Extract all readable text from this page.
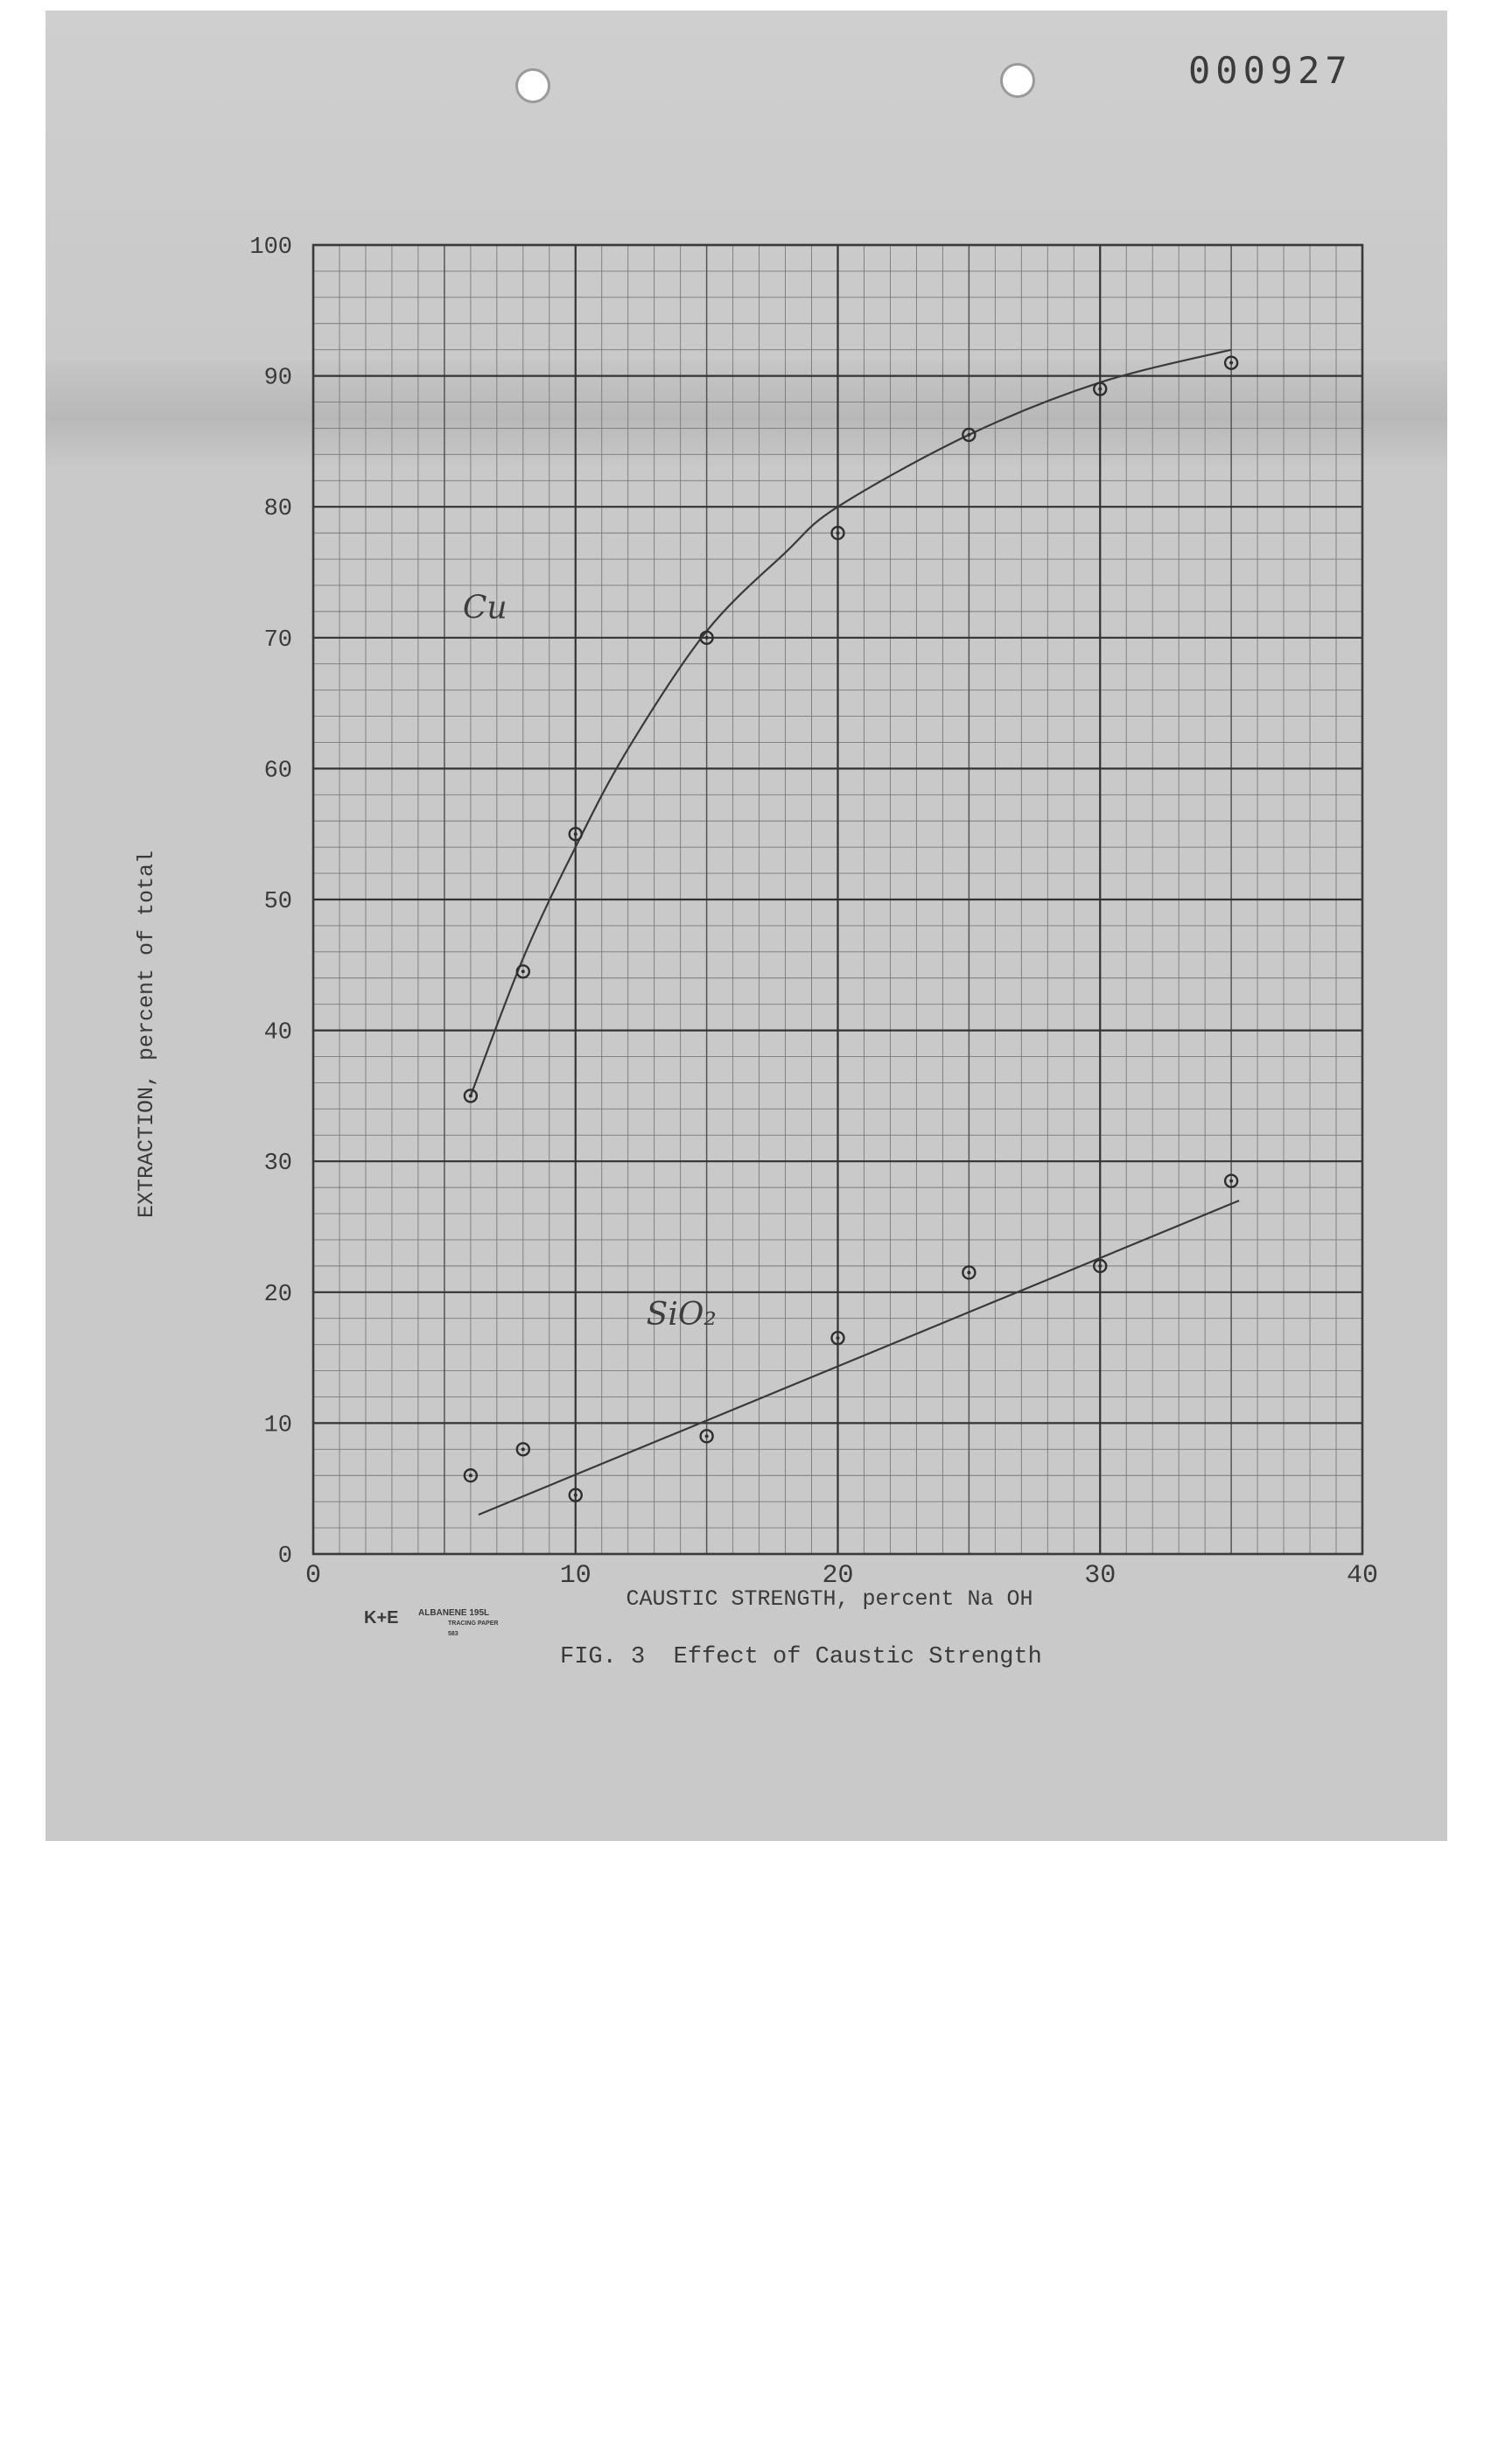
000927
K+E ALBANENE 195L
TRACING PAPER
583
0
10
20
30
40
50
60
70
80
90
100
0	10	20	30	40
Cu
SiO₂
EXTRACTION, percent of total
CAUSTIC STRENGTH, percent Na OH
FIG. 3  Effect of Caustic Strength
